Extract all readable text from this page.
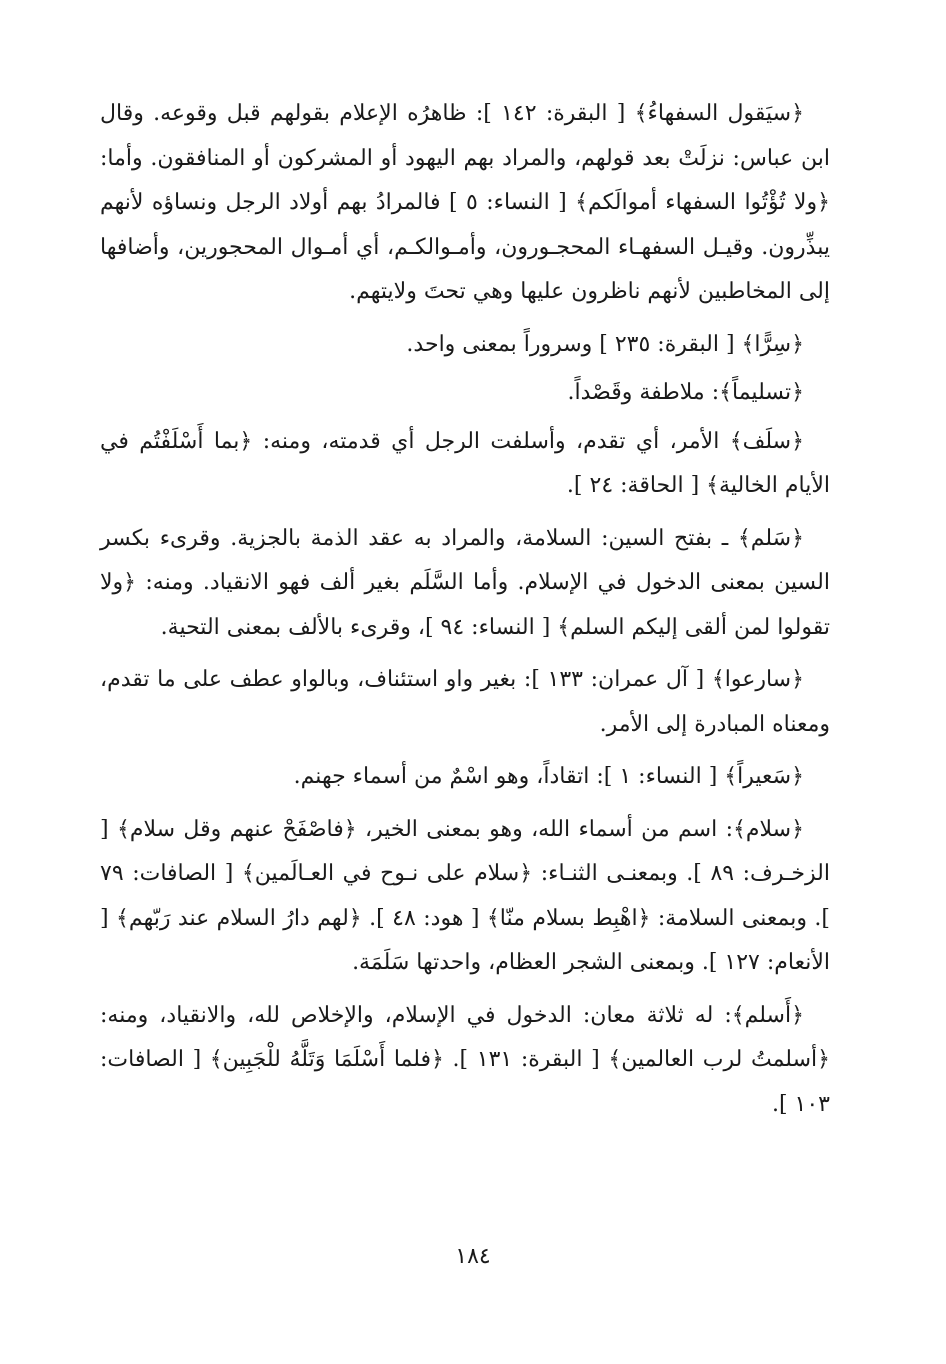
﴿سيَقول السفهاءُ﴾ [ البقرة: ١٤٢ ]: ظاهرُه الإعلام بقولهم قبل وقوعه. وقال ابن عباس: نزلَتْ بعد قولهم، والمراد بهم اليهود أو المشركون أو المنافقون. وأما: ﴿ولا تُؤْتُوا السفهاء أموالَكم﴾ [ النساء: ٥ ] فالمرادُ بهم أولاد الرجل ونساؤه لأنهم يبذِّرون. وقيـل السفهـاء المحجـورون، وأمـوالكـم، أي أمـوال المحجورين، وأضافها إلى المخاطبين لأنهم ناظرون عليها وهي تحتَ ولايتهم.

﴿سِرًّا﴾ [ البقرة: ٢٣٥ ] وسروراً بمعنى واحد.

﴿تسليماً﴾: ملاطفة وقَصْداً.

﴿سلَف﴾ الأمر، أي تقدم، وأسلفت الرجل أي قدمته، ومنه: ﴿بما أَسْلَفْتُم في الأيام الخالية﴾ [ الحاقة: ٢٤ ].

﴿سَلم﴾ ـ بفتح السين: السلامة، والمراد به عقد الذمة بالجزية. وقرىء بكسر السين بمعنى الدخول في الإسلام. وأما السَّلَم بغير ألف فهو الانقياد. ومنه: ﴿ولا تقولوا لمن ألقى إليكم السلم﴾ [ النساء: ٩٤ ]، وقرىء بالألف بمعنى التحية.

﴿سارعوا﴾ [ آل عمران: ١٣٣ ]: بغير واو استئناف، وبالواو عطف على ما تقدم، ومعناه المبادرة إلى الأمر.

﴿سَعيراً﴾ [ النساء: ١ ]: اتقاداً، وهو اسْمٌ من أسماء جهنم.

﴿سلام﴾: اسم من أسماء الله، وهو بمعنى الخير، ﴿فاصْفَحْ عنهم وقل سلام﴾ [ الزخـرف: ٨٩ ]. وبمعنـى الثنـاء: ﴿سلام على نـوح في العـالَمين﴾ [ الصافات: ٧٩ ]. وبمعنى السلامة: ﴿اهْبِط بسلام منّا﴾ [ هود: ٤٨ ]. ﴿لهم دارُ السلام عند رَبّهم﴾ [ الأنعام: ١٢٧ ]. وبمعنى الشجر العظام، واحدتها سَلَمَة.

﴿أَسلم﴾: له ثلاثة معان: الدخول في الإسلام، والإخلاص لله، والانقياد، ومنه: ﴿أسلمتُ لرب العالمين﴾ [ البقرة: ١٣١ ]. ﴿فلما أَسْلَمَا وَتَلَّهُ للْجَبِين﴾ [ الصافات: ١٠٣ ].

١٨٤
